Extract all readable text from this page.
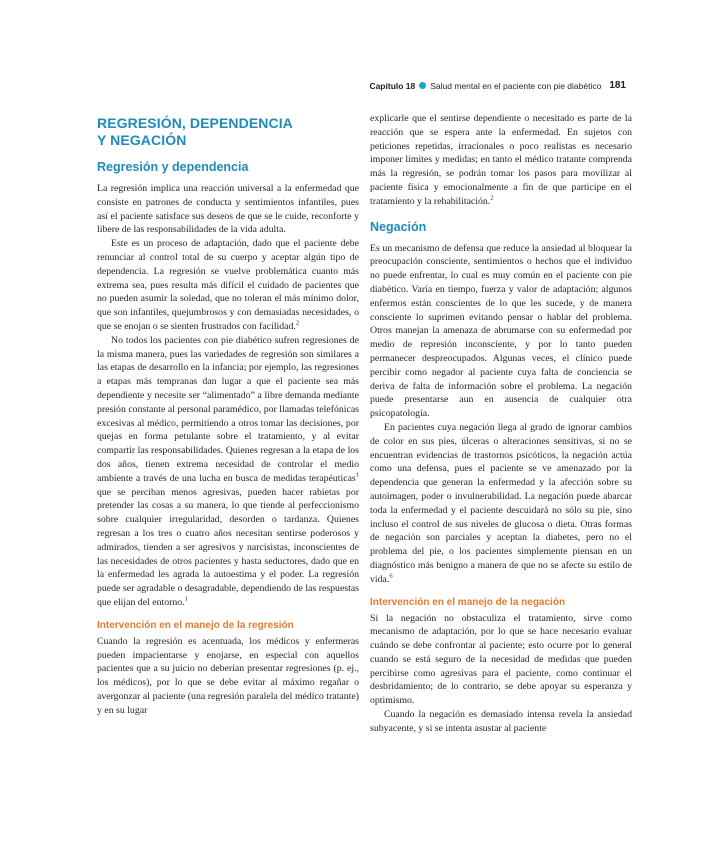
Capítulo 18 Salud mental en el paciente con pie diabético 181
REGRESIÓN, DEPENDENCIA
Y NEGACIÓN
Regresión y dependencia

La regresión implica una reacción universal a la enfermedad que consiste en patrones de conducta y sentimientos infantiles, pues así el paciente satisface sus deseos de que se le cuide, reconforte y libere de las responsabilidades de la vida adulta.

Este es un proceso de adaptación, dado que el paciente debe renunciar al control total de su cuerpo y aceptar algún tipo de dependencia. La regresión se vuelve problemática cuanto más extrema sea, pues resulta más difícil el cuidado de pacientes que no pueden asumir la soledad, que no toleran el más mínimo dolor, que son infantiles, quejumbrosos y con demasiadas necesidades, o que se enojan o se sienten frustrados con facilidad.$^2$

No todos los pacientes con pie diabético sufren regresiones de la misma manera, pues las variedades de regresión son similares a las etapas de desarrollo en la infancia; por ejemplo, las regresiones a etapas más tempranas dan lugar a que el paciente sea más dependiente y necesite ser “alimentado” a libre demanda mediante presión constante al personal paramédico, por llamadas telefónicas excesivas al médico, permitiendo a otros tomar las decisiones, por quejas en forma petulante sobre el tratamiento, y al evitar compartir las responsabilidades. Quienes regresan a la etapa de los dos años, tienen extrema necesidad de controlar el medio ambiente a través de una lucha en busca de medidas terapéuticas$^1$ que se perciban menos agresivas, pueden hacer rabietas por pretender las cosas a su manera, lo que tiende al perfeccionismo sobre cualquier irregularidad, desorden o tardanza. Quienes regresan a los tres o cuatro años necesitan sentirse poderosos y admirados, tienden a ser agresivos y narcisistas, inconscientes de las necesidades de otros pacientes y hasta seductores, dado que en la enfermedad les agrada la autoestima y el poder. La regresión puede ser agradable o desagradable, dependiendo de las respuestas que elijan del entorno.$^1$

Intervención en el manejo de la regresión

Cuando la regresión es acentuada, los médicos y enfermeras pueden impacientarse y enojarse, en especial con aquellos pacientes que a su juicio no deberían presentar regresiones (p. ej., los médicos), por lo que se debe evitar al máximo regañar o avergonzar al paciente (una regresión paralela del médico tratante) y en su lugar

explicarle que el sentirse dependiente o necesitado es parte de la reacción que se espera ante la enfermedad. En sujetos con peticiones repetidas, irracionales o poco realistas es necesario imponer límites y medidas; en tanto el médico tratante comprenda más la regresión, se podrán tomar los pasos para movilizar al paciente física y emocionalmente a fin de que participe en el tratamiento y la rehabilitación.$^2$

Negación

Es un mecanismo de defensa que reduce la ansiedad al bloquear la preocupación consciente, sentimientos o hechos que el individuo no puede enfrentar, lo cual es muy común en el paciente con pie diabético. Varía en tiempo, fuerza y valor de adaptación; algunos enfermos están conscientes de lo que les sucede, y de manera consciente lo suprimen evitando pensar o hablar del problema. Otros manejan la amenaza de abrumarse con su enfermedad por medio de represión inconsciente, y por lo tanto pueden permanecer despreocupados. Algunas veces, el clínico puede percibir como negador al paciente cuya falta de conciencia se deriva de falta de información sobre el problema. La negación puede presentarse aun en ausencia de cualquier otra psicopatología.

En pacientes cuya negación llega al grado de ignorar cambios de color en sus pies, úlceras o alteraciones sensitivas, si no se encuentran evidencias de trastornos psicóticos, la negación actúa como una defensa, pues el paciente se ve amenazado por la dependencia que generan la enfermedad y la afección sobre su autoimagen, poder o invulnerabilidad. La negación puede abarcar toda la enfermedad y el paciente descuidará no sólo su pie, sino incluso el control de sus niveles de glucosa o dieta. Otras formas de negación son parciales y aceptan la diabetes, pero no el problema del pie, o los pacientes simplemente piensan en un diagnóstico más benigno a manera de que no se afecte su estilo de vida.$^6$

Intervención en el manejo de la negación

Si la negación no obstaculiza el tratamiento, sirve como mecanismo de adaptación, por lo que se hace necesario evaluar cuándo se debe confrontar al paciente; esto ocurre por lo general cuando se está seguro de la necesidad de medidas que pueden percibirse como agresivas para el paciente, como continuar el desbridamiento; de lo contrario, se debe apoyar su esperanza y optimismo.

Cuando la negación es demasiado intensa revela la ansiedad subyacente, y si se intenta asustar al paciente
